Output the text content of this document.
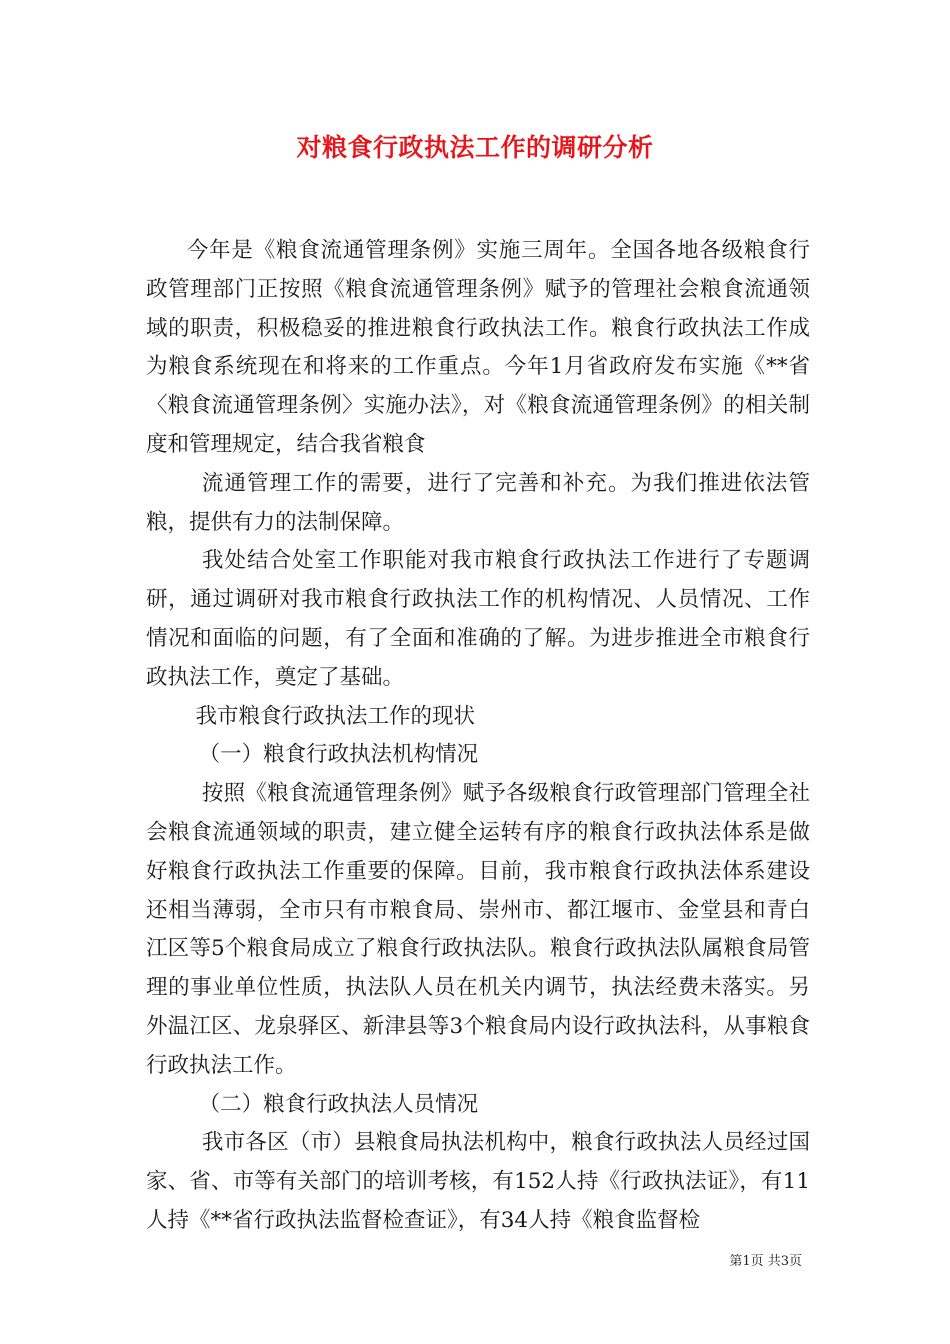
对粮食行政执法工作的调研分析

今年是《粮食流通管理条例》实施三周年。全国各地各级粮食行政管理部门正按照《粮食流通管理条例》赋予的管理社会粮食流通领域的职责，积极稳妥的推进粮食行政执法工作。粮食行政执法工作成为粮食系统现在和将来的工作重点。今年1月省政府发布实施《**省〈粮食流通管理条例〉实施办法》，对《粮食流通管理条例》的相关制度和管理规定，结合我省粮食

流通管理工作的需要，进行了完善和补充。为我们推进依法管粮，提供有力的法制保障。

我处结合处室工作职能对我市粮食行政执法工作进行了专题调研，通过调研对我市粮食行政执法工作的机构情况、人员情况、工作情况和面临的问题，有了全面和准确的了解。为进步推进全市粮食行政执法工作，奠定了基础。

我市粮食行政执法工作的现状

（一）粮食行政执法机构情况

按照《粮食流通管理条例》赋予各级粮食行政管理部门管理全社会粮食流通领域的职责，建立健全运转有序的粮食行政执法体系是做好粮食行政执法工作重要的保障。目前，我市粮食行政执法体系建设还相当薄弱，全市只有市粮食局、崇州市、都江堰市、金堂县和青白江区等5个粮食局成立了粮食行政执法队。粮食行政执法队属粮食局管理的事业单位性质，执法队人员在机关内调节，执法经费未落实。另外温江区、龙泉驿区、新津县等3个粮食局内设行政执法科，从事粮食行政执法工作。

（二）粮食行政执法人员情况

我市各区（市）县粮食局执法机构中，粮食行政执法人员经过国家、省、市等有关部门的培训考核，有152人持《行政执法证》，有11人持《**省行政执法监督检查证》，有34人持《粮食监督检

第1页 共3页
